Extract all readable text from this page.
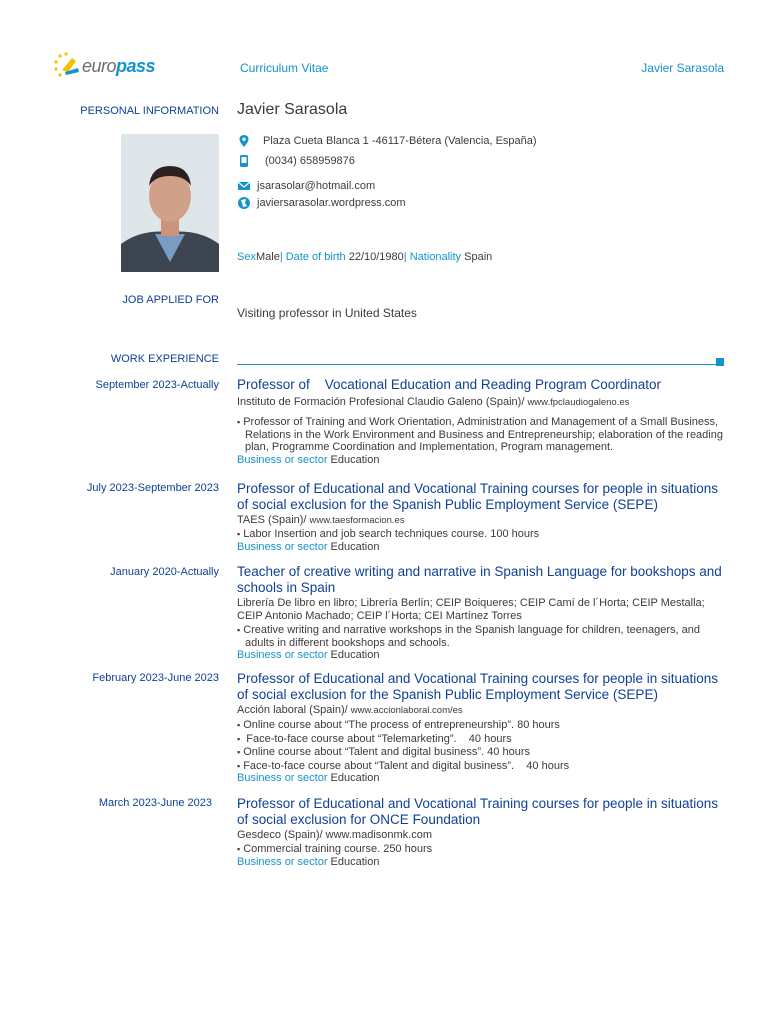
europass	Curriculum Vitae	Javier Sarasola
PERSONAL INFORMATION Javier Sarasola
Plaza Cueta Blanca 1 -46117-Bétera (Valencia, España)
(0034) 658959876
jsarasolar@hotmail.com
javiersarasolar.wordpress.com
SexMale| Date of birth 22/10/1980| Nationality Spain
JOB APPLIED FOR
Visiting professor in United States
WORK EXPERIENCE
September 2023-Actually Professor of    Vocational Education and Reading Program Coordinator
Instituto de Formación Profesional Claudio Galeno (Spain)/ www.fpclaudiogaleno.es
▪ Professor of Training and Work Orientation, Administration and Management of a Small Business, Relations in the Work Environment and Business and Entrepreneurship; elaboration of the reading plan, Programme Coordination and Implementation, Program management.
Business or sector Education
July 2023-September 2023 Professor of Educational and Vocational Training courses for people in situations of social exclusion for the Spanish Public Employment Service (SEPE)
TAES (Spain)/ www.taesformacion.es
▪ Labor Insertion and job search techniques course. 100 hours
Business or sector Education
January 2020-Actually Teacher of creative writing and narrative in Spanish Language for bookshops and schools in Spain
Librería De libro en libro; Librería Berlín; CEIP Boiqueres; CEIP Camí de l´Horta; CEIP Mestalla; CEIP Antonio Machado; CEIP l´Horta; CEI Martínez Torres
▪ Creative writing and narrative workshops in the Spanish language for children, teenagers, and adults in different bookshops and schools.
Business or sector Education
February 2023-June 2023 Professor of Educational and Vocational Training courses for people in situations of social exclusion for the Spanish Public Employment Service (SEPE)
Acción laboral (Spain)/ www.accionlaboral.com/es
▪ Online course about “The process of entrepreneurship”. 80 hours
▪  Face-to-face course about “Telemarketing”.    40 hours
▪ Online course about “Talent and digital business”. 40 hours
▪ Face-to-face course about “Talent and digital business”.    40 hours
Business or sector Education
March 2023-June 2023 Professor of Educational and Vocational Training courses for people in situations of social exclusion for ONCE Foundation
Gesdeco (Spain)/ www.madisonmk.com
▪ Commercial training course. 250 hours
Business or sector Education
